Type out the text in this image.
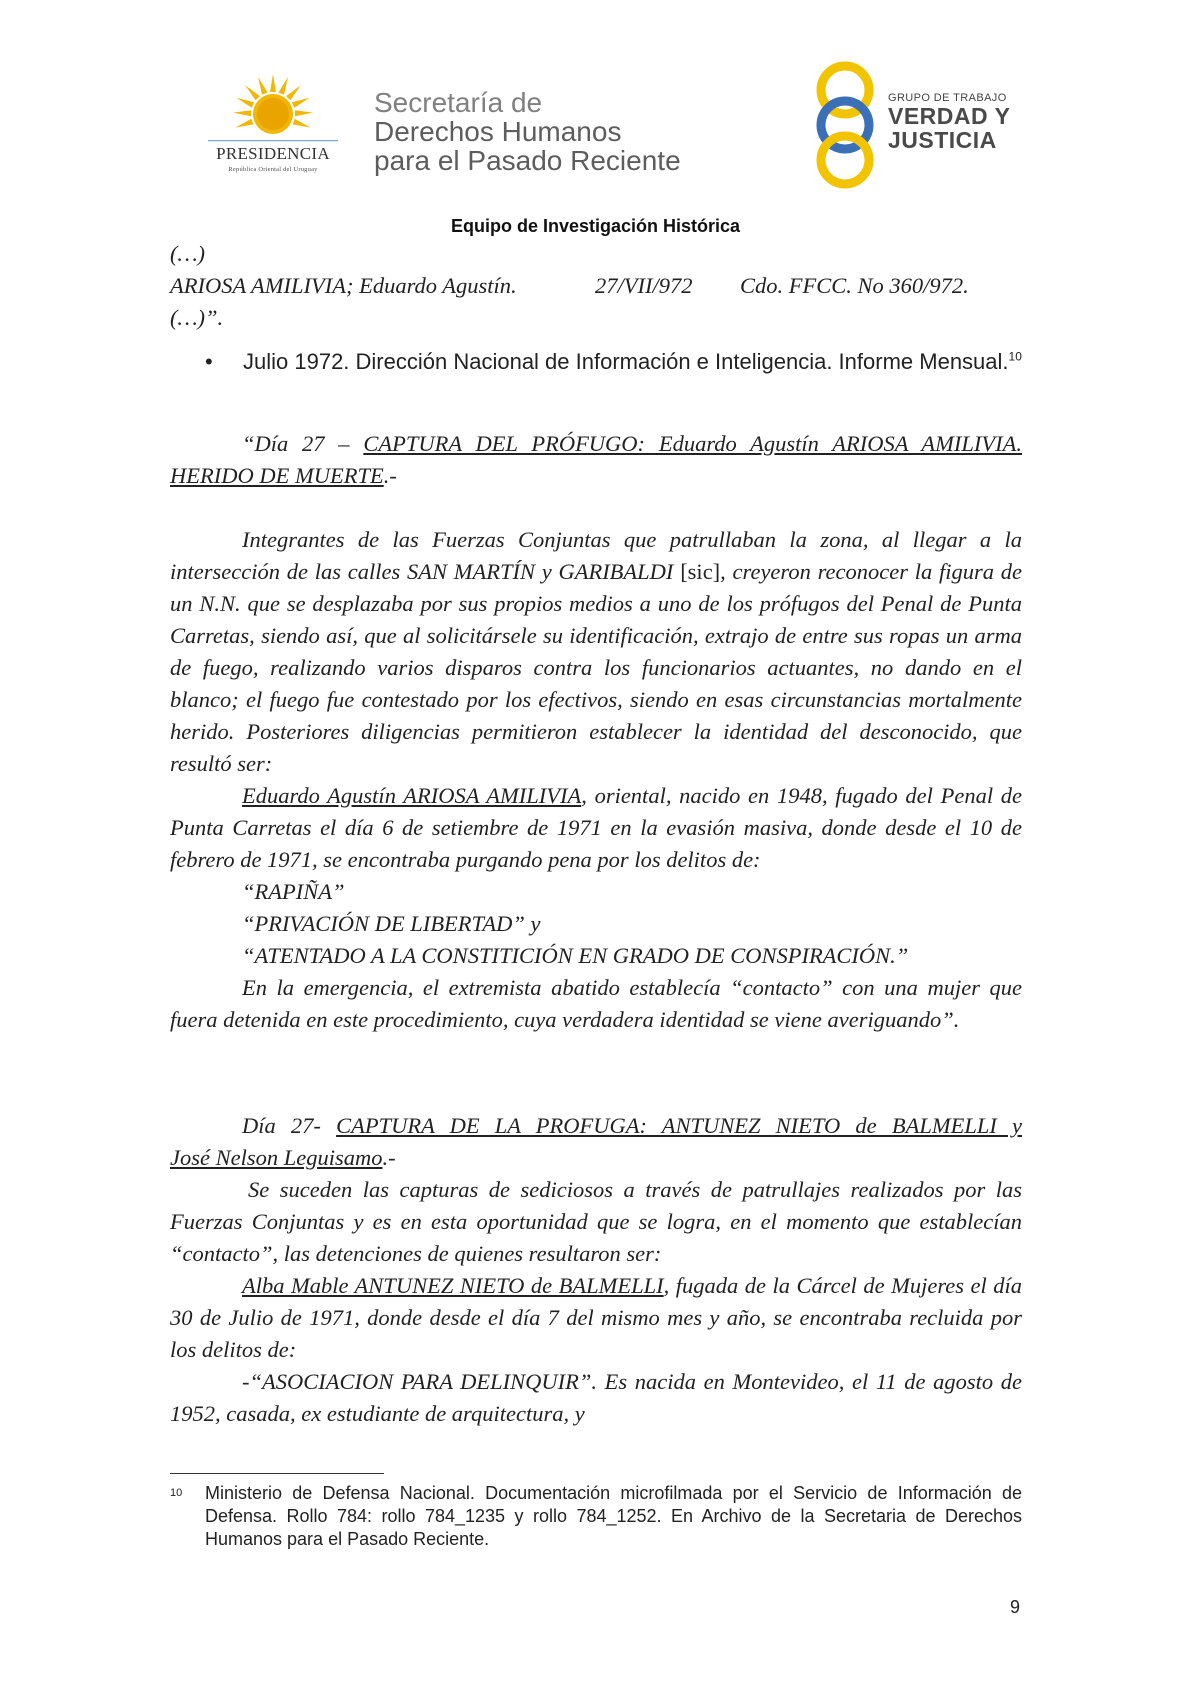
PRESIDENCIA
República Oriental del Uruguay
Secretaría de
Derechos Humanos
para el Pasado Reciente
GRUPO DE TRABAJO
VERDAD Y
JUSTICIA
Equipo de Investigación Histórica
(…)
ARIOSA AMILIVIA; Eduardo Agustín.	27/VII/972	Cdo. FFCC. No 360/972.
(…)”.
• Julio 1972. Dirección Nacional de Información e Inteligencia. Informe Mensual.$^{10}$
“Día 27 – CAPTURA DEL PRÓFUGO: Eduardo Agustín ARIOSA AMILIVIA.
HERIDO DE MUERTE.-
Integrantes de las Fuerzas Conjuntas que patrullaban la zona, al llegar a la intersección de las calles SAN MARTÍN y GARIBALDI [sic], creyeron reconocer la figura de un N.N. que se desplazaba por sus propios medios a uno de los prófugos del Penal de Punta Carretas, siendo así, que al solicitársele su identificación, extrajo de entre sus ropas un arma de fuego, realizando varios disparos contra los funcionarios actuantes, no dando en el blanco; el fuego fue contestado por los efectivos, siendo en esas circunstancias mortalmente herido. Posteriores diligencias permitieron establecer la identidad del desconocido, que resultó ser:
Eduardo Agustín ARIOSA AMILIVIA, oriental, nacido en 1948, fugado del Penal de Punta Carretas el día 6 de setiembre de 1971 en la evasión masiva, donde desde el 10 de febrero de 1971, se encontraba purgando pena por los delitos de:
“RAPIÑA”
“PRIVACIÓN DE LIBERTAD” y
“ATENTADO A LA CONSTITICIÓN EN GRADO DE CONSPIRACIÓN.”
En la emergencia, el extremista abatido establecía “contacto” con una mujer que fuera detenida en este procedimiento, cuya verdadera identidad se viene averiguando”.
Día 27- CAPTURA DE LA PROFUGA: ANTUNEZ NIETO de BALMELLI y
José Nelson Leguisamo.-
Se suceden las capturas de sediciosos a través de patrullajes realizados por las Fuerzas Conjuntas y es en esta oportunidad que se logra, en el momento que establecían “contacto”, las detenciones de quienes resultaron ser:
Alba Mable ANTUNEZ NIETO de BALMELLI, fugada de la Cárcel de Mujeres el día 30 de Julio de 1971, donde desde el día 7 del mismo mes y año, se encontraba recluida por los delitos de:
-“ASOCIACION PARA DELINQUIR”. Es nacida en Montevideo, el 11 de agosto de 1952, casada, ex estudiante de arquitectura, y
10 Ministerio de Defensa Nacional. Documentación microfilmada por el Servicio de Información de Defensa. Rollo 784: rollo 784_1235 y rollo 784_1252. En Archivo de la Secretaria de Derechos Humanos para el Pasado Reciente.
9
